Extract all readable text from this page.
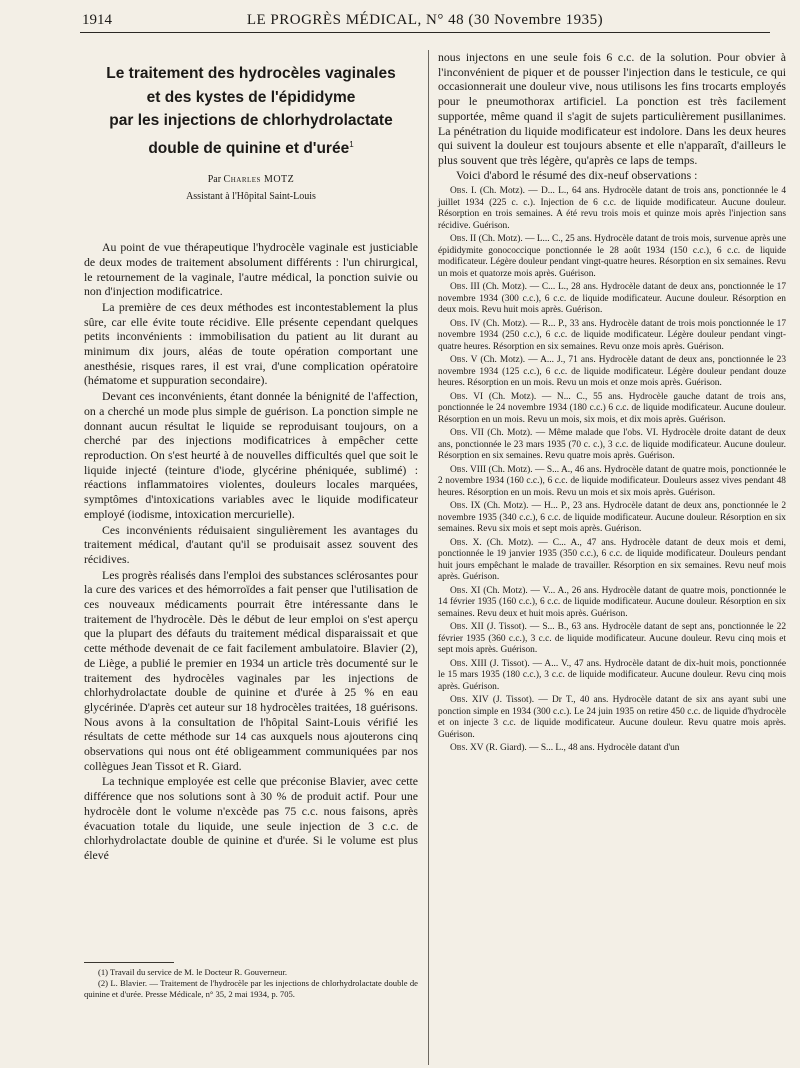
1914	LE PROGRÈS MÉDICAL, N° 48 (30 Novembre 1935)
Le traitement des hydrocèles vaginales
et des kystes de l'épididyme
par les injections de chlorhydrolactate
double de quinine et d'urée$^1$
Par Charles MOTZ
Assistant à l'Hôpital Saint-Louis

Au point de vue thérapeutique l'hydrocèle vaginale est justiciable de deux modes de traitement absolument différents : l'un chirurgical, le retournement de la vaginale, l'autre médical, la ponction suivie ou non d'injection modificatrice.

La première de ces deux méthodes est incontestablement la plus sûre, car elle évite toute récidive. Elle présente cependant quelques petits inconvénients : immobilisation du patient au lit durant au minimum dix jours, aléas de toute opération comportant une anesthésie, risques rares, il est vrai, d'une complication opératoire (hématome et suppuration secondaire).

Devant ces inconvénients, étant donnée la bénignité de l'affection, on a cherché un mode plus simple de guérison. La ponction simple ne donnant aucun résultat le liquide se reproduisant toujours, on a cherché par des injections modificatrices à empêcher cette reproduction. On s'est heurté à de nouvelles difficultés quel que soit le liquide injecté (teinture d'iode, glycérine phéniquée, sublimé) : réactions inflammatoires violentes, douleurs locales marquées, symptômes d'intoxications variables avec le liquide modificateur employé (iodisme, intoxication mercurielle).

Ces inconvénients réduisaient singulièrement les avantages du traitement médical, d'autant qu'il se produisait assez souvent des récidives.

Les progrès réalisés dans l'emploi des substances sclérosantes pour la cure des varices et des hémorroïdes a fait penser que l'utilisation de ces nouveaux médicaments pourrait être intéressante dans le traitement de l'hydrocèle. Dès le début de leur emploi on s'est aperçu que la plupart des défauts du traitement médical disparaissait et que cette méthode devenait de ce fait facilement ambulatoire. Blavier (2), de Liège, a publié le premier en 1934 un article très documenté sur le traitement des hydrocèles vaginales par les injections de chlorhydrolactate double de quinine et d'urée à 25 % en eau glycérinée. D'après cet auteur sur 18 hydrocèles traitées, 18 guérisons. Nous avons à la consultation de l'hôpital Saint-Louis vérifié les résultats de cette méthode sur 14 cas auxquels nous ajouterons cinq observations qui nous ont été obligeamment communiquées par nos collègues Jean Tissot et R. Giard.

La technique employée est celle que préconise Blavier, avec cette différence que nos solutions sont à 30 % de produit actif. Pour une hydrocèle dont le volume n'excède pas 75 c.c. nous faisons, après évacuation totale du liquide, une seule injection de 3 c.c. de chlorhydrolactate double de quinine et d'urée. Si le volume est plus élevé

(1) Travail du service de M. le Docteur R. Gouverneur.

(2) L. Blavier. — Traitement de l'hydrocèle par les injections de chlorhydrolactate double de quinine et d'urée. Presse Médicale, n° 35, 2 mai 1934, p. 705.

nous injectons en une seule fois 6 c.c. de la solution. Pour obvier à l'inconvénient de piquer et de pousser l'injection dans le testicule, ce qui occasionnerait une douleur vive, nous utilisons les fins trocarts employés pour le pneumothorax artificiel. La ponction est très facilement supportée, même quand il s'agit de sujets particulièrement pusillanimes. La pénétration du liquide modificateur est indolore. Dans les deux heures qui suivent la douleur est toujours absente et elle n'apparaît, d'ailleurs le plus souvent que très légère, qu'après ce laps de temps.

Voici d'abord le résumé des dix-neuf observations :

Obs. I. (Ch. Motz). — D... L., 64 ans. Hydrocèle datant de trois ans, ponctionnée le 4 juillet 1934 (225 c. c.). Injection de 6 c.c. de liquide modificateur. Aucune douleur. Résorption en trois semaines. A été revu trois mois et quinze mois après l'injection sans récidive. Guérison.

Obs. II (Ch. Motz). — L... C., 25 ans. Hydrocèle datant de trois mois, survenue après une épididymite gonococcique ponctionnée le 28 août 1934 (150 c.c.), 6 c.c. de liquide modificateur. Légère douleur pendant vingt-quatre heures. Résorption en six semaines. Revu un mois et quatorze mois après. Guérison.

Obs. III (Ch. Motz). — C... L., 28 ans. Hydrocèle datant de deux ans, ponctionnée le 17 novembre 1934 (300 c.c.), 6 c.c. de liquide modificateur. Aucune douleur. Résorption en deux mois. Revu huit mois après. Guérison.

Obs. IV (Ch. Motz). — R... P., 33 ans. Hydrocèle datant de trois mois ponctionnée le 17 novembre 1934 (250 c.c.), 6 c.c. de liquide modificateur. Légère douleur pendant vingt-quatre heures. Résorption en six semaines. Revu onze mois après. Guérison.

Obs. V (Ch. Motz). — A... J., 71 ans. Hydrocèle datant de deux ans, ponctionnée le 23 novembre 1934 (125 c.c.), 6 c.c. de liquide modificateur. Légère douleur pendant douze heures. Résorption en un mois. Revu un mois et onze mois après. Guérison.

Obs. VI (Ch. Motz). — N... C., 55 ans. Hydrocèle gauche datant de trois ans, ponctionnée le 24 novembre 1934 (180 c.c.) 6 c.c. de liquide modificateur. Aucune douleur. Résorption en un mois. Revu un mois, six mois, et dix mois après. Guérison.

Obs. VII (Ch. Motz). — Même malade que l'obs. VI. Hydrocèle droite datant de deux ans, ponctionnée le 23 mars 1935 (70 c. c.), 3 c.c. de liquide modificateur. Aucune douleur. Résorption en six semaines. Revu quatre mois après. Guérison.

Obs. VIII (Ch. Motz). — S... A., 46 ans. Hydrocèle datant de quatre mois, ponctionnée le 2 novembre 1934 (160 c.c.), 6 c.c. de liquide modificateur. Douleurs assez vives pendant 48 heures. Résorption en un mois. Revu un mois et six mois après. Guérison.

Obs. IX (Ch. Motz). — H... P., 23 ans. Hydrocèle datant de deux ans, ponctionnée le 2 novembre 1935 (340 c.c.), 6 c.c. de liquide modificateur. Aucune douleur. Résorption en six semaines. Revu six mois et sept mois après. Guérison.

Obs. X. (Ch. Motz). — C... A., 47 ans. Hydrocèle datant de deux mois et demi, ponctionnée le 19 janvier 1935 (350 c.c.), 6 c.c. de liquide modificateur. Douleurs pendant huit jours empêchant le malade de travailler. Résorption en six semaines. Revu neuf mois après. Guérison.

Obs. XI (Ch. Motz). — V... A., 26 ans. Hydrocèle datant de quatre mois, ponctionnée le 14 février 1935 (160 c.c.), 6 c.c. de liquide modificateur. Aucune douleur. Résorption en six semaines. Revu deux et huit mois après. Guérison.

Obs. XII (J. Tissot). — S... B., 63 ans. Hydrocèle datant de sept ans, ponctionnée le 22 février 1935 (360 c.c.), 3 c.c. de liquide modificateur. Aucune douleur. Revu cinq mois et sept mois après. Guérison.

Obs. XIII (J. Tissot). — A... V., 47 ans. Hydrocèle datant de dix-huit mois, ponctionnée le 15 mars 1935 (180 c.c.), 3 c.c. de liquide modificateur. Aucune douleur. Revu cinq mois après. Guérison.

Obs. XIV (J. Tissot). — Dr T., 40 ans. Hydrocèle datant de six ans ayant subi une ponction simple en 1934 (300 c.c.). Le 24 juin 1935 on retire 450 c.c. de liquide d'hydrocèle et on injecte 3 c.c. de liquide modificateur. Aucune douleur. Revu quatre mois après. Guérison.

Obs. XV (R. Giard). — S... L., 48 ans. Hydrocèle datant d'un
